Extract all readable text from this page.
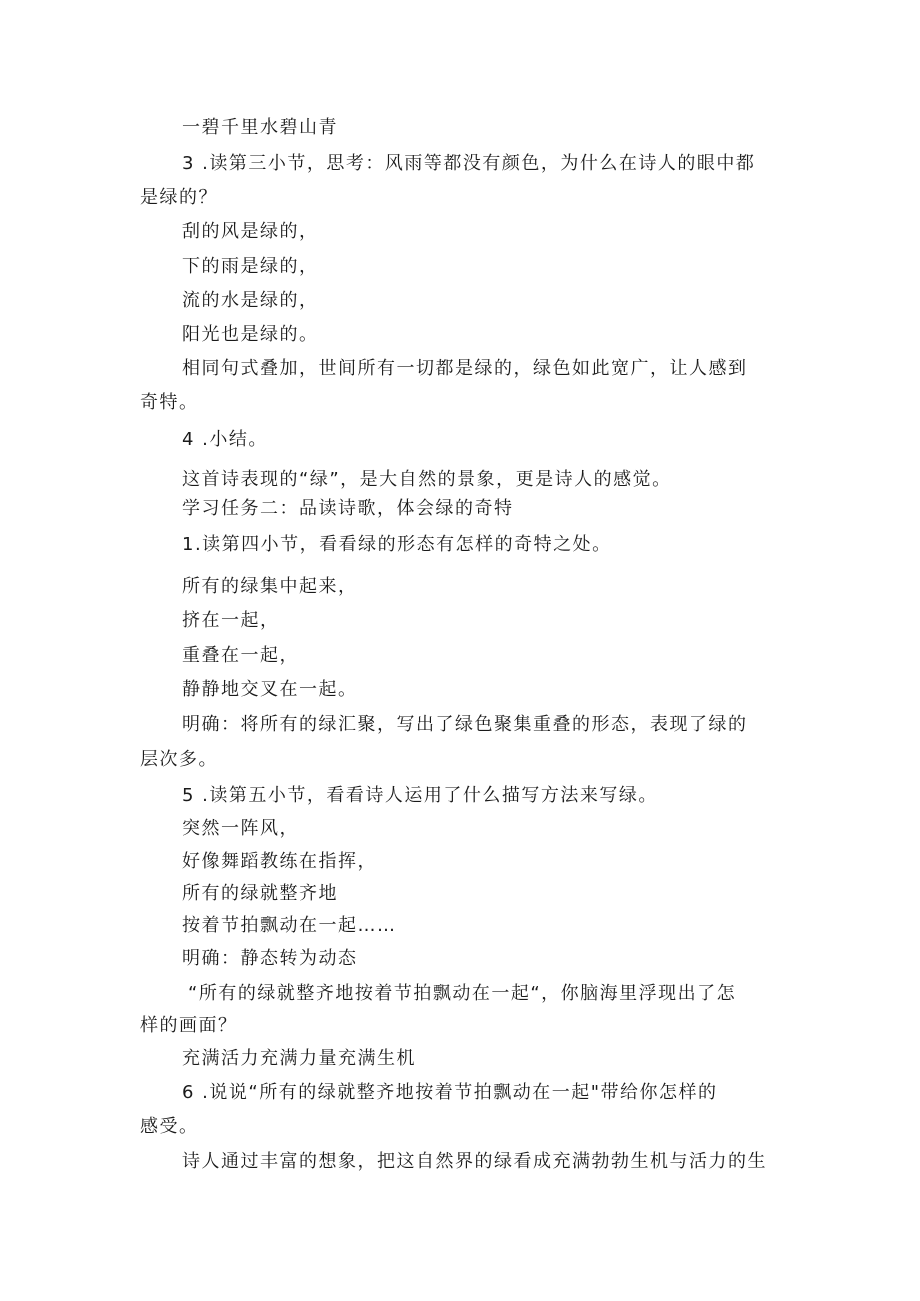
一碧千里水碧山青
3 .读第三小节，思考：风雨等都没有颜色，为什么在诗人的眼中都
是绿的？
刮的风是绿的，
下的雨是绿的，
流的水是绿的，
阳光也是绿的。
相同句式叠加，世间所有一切都是绿的，绿色如此宽广，让人感到
奇特。
4 .小结。
这首诗表现的“绿”，是大自然的景象，更是诗人的感觉。
学习任务二：品读诗歌，体会绿的奇特
1.读第四小节，看看绿的形态有怎样的奇特之处。
所有的绿集中起来，
挤在一起，
重叠在一起，
静静地交叉在一起。
明确：将所有的绿汇聚，写出了绿色聚集重叠的形态，表现了绿的
层次多。
5 .读第五小节，看看诗人运用了什么描写方法来写绿。
突然一阵风，
好像舞蹈教练在指挥，
所有的绿就整齐地
按着节拍飘动在一起……
明确：静态转为动态
“所有的绿就整齐地按着节拍飘动在一起“，你脑海里浮现出了怎
样的画面？
充满活力充满力量充满生机
6 .说说“所有的绿就整齐地按着节拍飘动在一起"带给你怎样的
感受。
诗人通过丰富的想象，把这自然界的绿看成充满勃勃生机与活力的生
